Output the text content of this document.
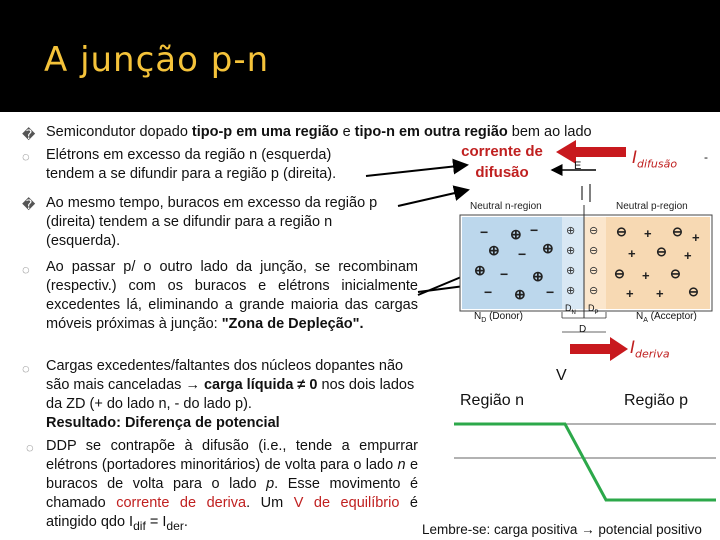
A junção p-n
� Semicondutor dopado tipo-p em uma região e tipo-n em outra região bem ao lado
◌ Elétrons em excesso da região n (esquerda) tendem a se difundir para a região p (direita).
� Ao mesmo tempo, buracos em excesso da região p (direita) tendem a se difundir para a região n (esquerda).
◌ Ao passar p/ o outro lado da junção, se recombinam (respectiv.) com os buracos e elétrons inicialmente excedentes lá, eliminando a grande maioria das cargas móveis próximas à junção: "Zona de Depleção".
◌ Cargas excedentes/faltantes dos núcleos dopantes não são mais canceladas → carga líquida ≠ 0 nos dois lados da ZD (+ do lado n, - do lado p).
Resultado: Diferença de potencial
◌ DDP se contrapõe à difusão (i.e., tende a empurrar elétrons (portadores minoritários) de volta para o lado n e buracos de volta para o lado p. Esse movimento é chamado corrente de deriva. Um V de equilíbrio é atingido qdo $I_{dif} = I_{der}$.
corrente de difusão
$I_{difusão}$ -
$I_{deriva}$
V
Região n	Região p
Lembre-se: carga positiva → potencial positivo
E
Neutral n-region	Neutral p-region
$N_D$ (Donor)	$N_A$ (Acceptor)
$D_N$ $D_P$
D
− ⊕ −
⊕ − ⊕
⊕ − ⊕
− ⊕ −
⊖ + ⊖ +
+ ⊖ +
⊖ + ⊖
+ + ⊖
⊕ ⊖
⊕ ⊖
⊕ ⊖
⊕ ⊖
